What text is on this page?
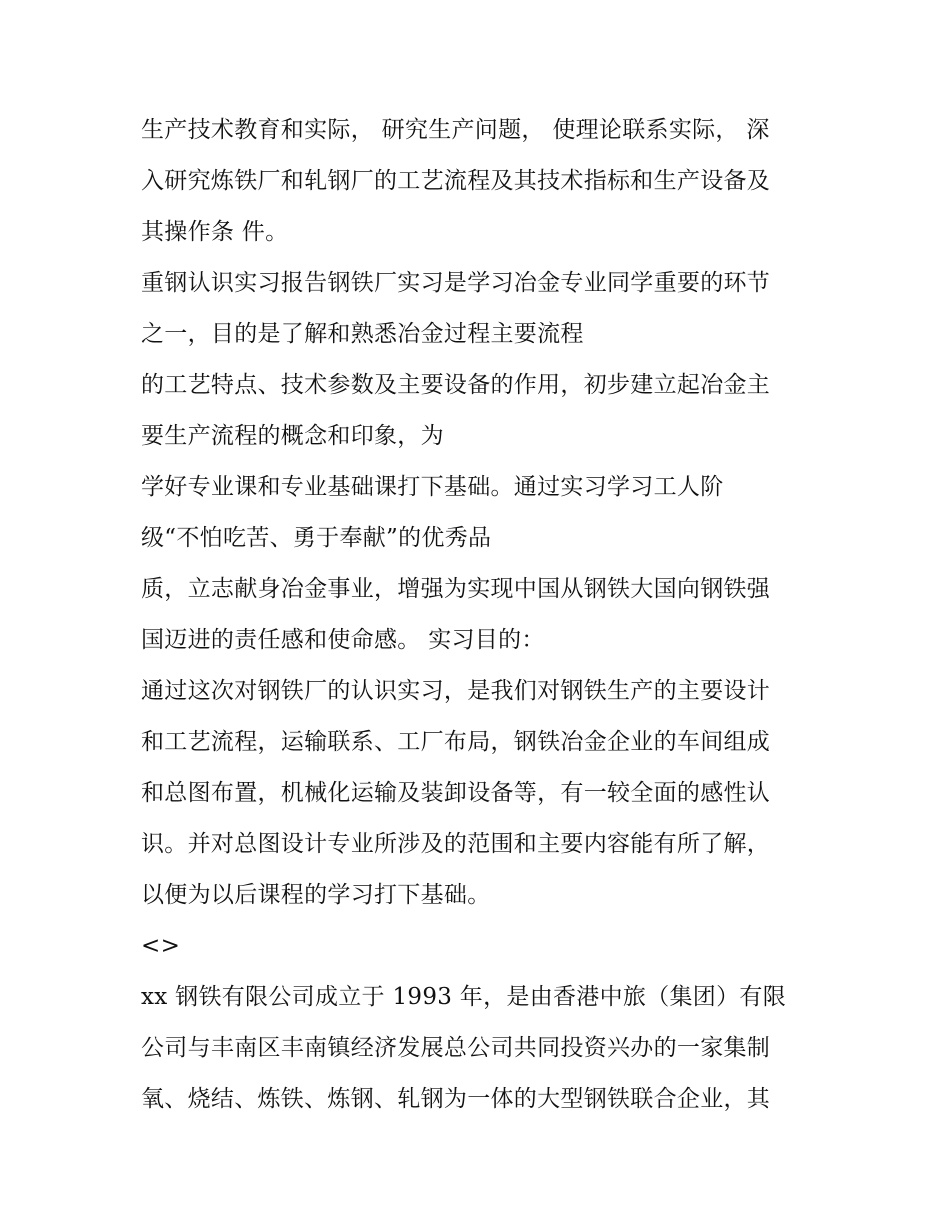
生产技术教育和实际， 研究生产问题， 使理论联系实际， 深
入研究炼铁厂和轧钢厂的工艺流程及其技术指标和生产设备及
其操作条 件。
重钢认识实习报告钢铁厂实习是学习冶金专业同学重要的环节
之一，目的是了解和熟悉冶金过程主要流程
的工艺特点、技术参数及主要设备的作用，初步建立起冶金主
要生产流程的概念和印象，为
学好专业课和专业基础课打下基础。通过实习学习工人阶
级“不怕吃苦、勇于奉献”的优秀品
质，立志献身冶金事业，增强为实现中国从钢铁大国向钢铁强
国迈进的责任感和使命感。 实习目的：
通过这次对钢铁厂的认识实习，是我们对钢铁生产的主要设计
和工艺流程，运输联系、工厂布局，钢铁冶金企业的车间组成
和总图布置，机械化运输及装卸设备等，有一较全面的感性认
识。并对总图设计专业所涉及的范围和主要内容能有所了解，
以便为以后课程的学习打下基础。
<>
xx 钢铁有限公司成立于 1993 年，是由香港中旅（集团）有限
公司与丰南区丰南镇经济发展总公司共同投资兴办的一家集制
氧、烧结、炼铁、炼钢、轧钢为一体的大型钢铁联合企业，其
